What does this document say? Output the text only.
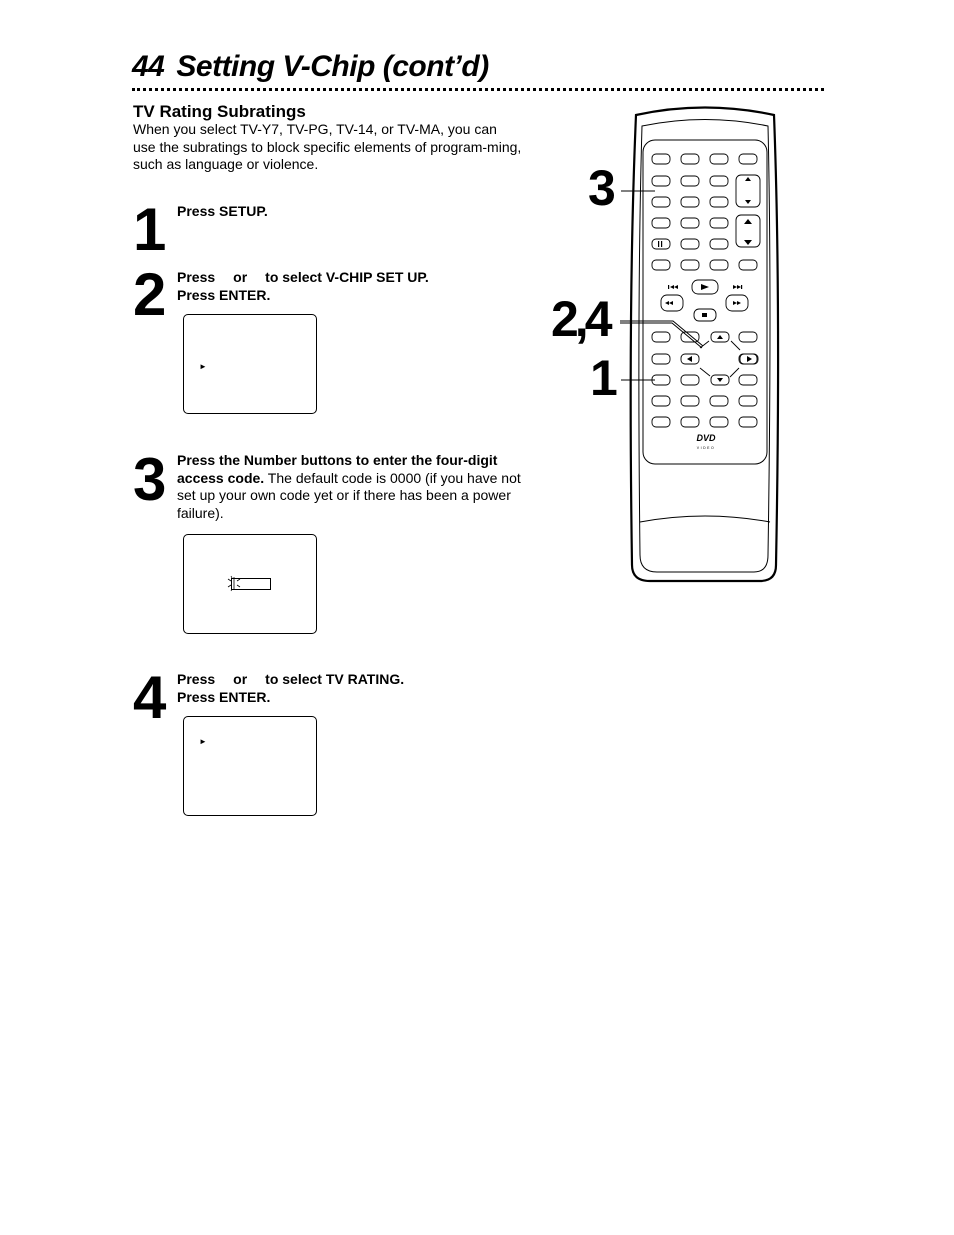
44 Setting V-Chip (cont’d)
TV Rating Subratings
When you select TV-Y7, TV-PG, TV-14, or TV-MA, you can use the subratings to block specific elements of program-ming, such as language or violence.
1 Press SETUP.
2 Press or to select V-CHIP SET UP.
Press ENTER.
►
3 Press the Number buttons to enter the four-digit access code. The default code is 0000 (if you have not set up your own code yet or if there has been a power failure).
4 Press or to select TV RATING.
Press ENTER.
►
DVD
VIDEO
3
2,4
1
